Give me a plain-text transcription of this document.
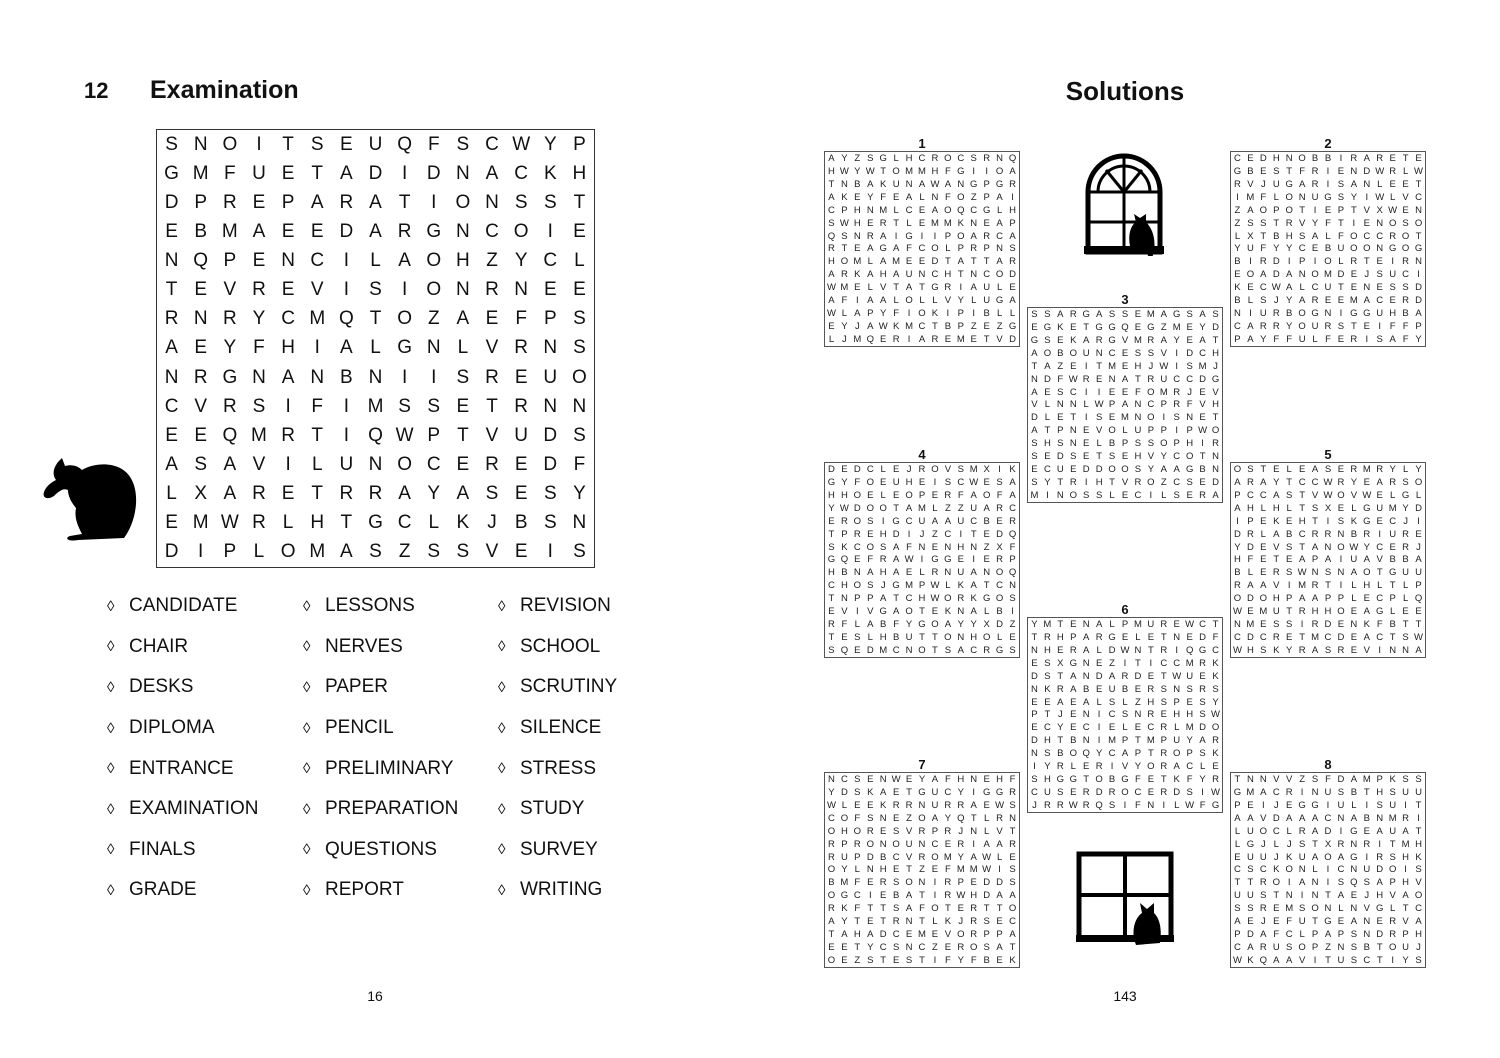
12 Examination
S N O	I	T S E U Q F S C W Y P
G M F U E T A D	I	D N A C K H
D P R E P A R A T	I	O N S S T
E B M A E E D A R G N C O	I	E
N Q P E N C	I	L A O H Z Y C L
T E V R E V	I	S	I	O N R N E E
R N R Y C M Q T O Z A E F P S
A E Y F H	I	A L G N L V R N S
N R G N A N B N	I	I	S R E U O
C V R S	I	F	I M S S E T R N N
E E Q M R T	I	Q W P T V U D S
A S A V	I	L U N O C E R E D F
L X A R E T R R A Y A S E S Y
E M W R L H T G C L K J B S N
D	I	P L O M A S Z S S V E	I	S
◊ CANDIDATE
◊ CHAIR
◊ DESKS
◊ DIPLOMA
◊ ENTRANCE
◊ EXAMINATION
◊ FINALS
◊ GRADE
◊ LESSONS
◊ NERVES
◊ PAPER
◊ PENCIL
◊ PRELIMINARY
◊ PREPARATION
◊ QUESTIONS
◊ REPORT
◊ REVISION
◊ SCHOOL
◊ SCRUTINY
◊ SILENCE
◊ STRESS
◊ STUDY
◊ SURVEY
◊ WRITING
16
Solutions
1
A Y Z S G L H C R O C S R N Q
H W Y W T O M M H F G I	I O A
T N B A K U N A W A N G P G R
A K E Y F E A L N F O Z P A I
C P H N M L C E A O Q C G L H
S W H E R T L E M M K N E A P
Q S N R A I G I	I P O A R C A
R T E A G A F C O L P R P N S
H O M L A M E E D T A T T A R
A R K A H A U N C H T N C O D
W M E L V T A T G R I A U L E
A F I A A L O L L V Y L U G A
W L A P Y F I O K I P I B L L
E Y J A W K M C T B P Z E Z G
L J M Q E R I A R E M E T V D
2
C E D H N O B B I R A R E T E
G B E S T F R I E N D W R L W
R V J U G A R I S A N L E E T
I M F L O N U G S Y I W L V C
Z A O P O T I E P T V X W E N
Z S S T R V Y F T I E N O S O
L X T B H S A L F O C C R O T
Y U F Y Y C E B U O O N G O G
B I R D I P I O L R T E I R N
E O A D A N O M D E J S U C I
K E C W A L C U T E N E S S D
B L S J Y A R E E M A C E R D
N I U R B O G N I G G U H B A
C A R R Y O U R S T E I F F P
P A Y F F U L F E R I S A F Y
3
S S A R G A S S E M A G S A S
E G K E T G G Q E G Z M E Y D
G S E K A R G V M R A Y E A T
A O B O U N C E S S V I D C H
T A Z E I T M E H J W I S M J
N D F W R E N A T R U C C D G
A E S C I	I E E F O M R J E V
V L N N L W P A N C P R F V H
D L E T I S E M N O I S N E T
A T P N E V O L U P P I P W O
S H S N E L B P S S O P H I R
S E D S E T S E H V Y C O T N
E C U E D D O O S Y A A G B N
S Y T R I H T V R O Z C S E D
M I N O S S L E C I L S E R A
4
D E D C L E J R O V S M X I K
G Y F O E U H E I S C W E S A
H H O E L E O P E R F A O F A
Y W D O O T A M L Z Z U A R C
E R O S I G C U A A U C B E R
T P R E H D I J Z C I T E D Q
S K C O S A F N E N H N Z X F
G Q E F R A W I G G E I E R P
H B N A H A E L R N U A N O Q
C H O S J G M P W L K A T C N
T N P P A T C H W O R K G O S
E V I V G A O T E K N A L B I
R F L A B F Y G O A Y Y X D Z
T E S L H B U T T O N H O L E
S Q E D M C N O T S A C R G S
5
O S T E L E A S E R M R Y L Y
A R A Y T C C W R Y E A R S O
P C C A S T V W O V W E L G L
A H L H L T S X E L G U M Y D
I P E K E H T I S K G E C J I
D R L A B C R R N B R I U R E
Y D E V S T A N O W Y C E R J
H F E T E A P A I U A V B B A
B L E R S W N S N A O T G U U
R A A V I M R T I L H L T L P
O D O H P A A P P L E C P L Q
W E M U T R H H O E A G L E E
N M E S S I R D E N K F B T T
C D C R E T M C D E A C T S W
W H S K Y R A S R E V I N N A
6
Y M T E N A L P M U R E W C T
T R H P A R G E L E T N E D F
N H E R A L D W N T R I Q G C
E S X G N E Z I T I C C M R K
D S T A N D A R D E T W U E K
N K R A B E U B E R S N S R S
E E A E A L S L Z H S P E S Y
P T J E N I C S N R E H H S W
E C Y E C I E L E C R L M D O
D H T B N I M P T M P U Y A R
N S B O Q Y C A P T R O P S K
I Y R L E R I V Y O R A C L E
S H G G T O B G F E T K F Y R
C U S E R D R O C E R D S I W
J R R W R Q S I F N I L W F G
7
N C S E N W E Y A F H N E H F
Y D S K A E T G U C Y I G G R
W L E E K R R N U R R A E W S
C O F S N E Z O A Y Q T L R N
O H O R E S V R P R J N L V T
R P R O N O U N C E R I A A R
R U P D B C V R O M Y A W L E
O Y L N H E T Z E F M M W I S
B M F E R S O N I R P E D D S
O G C I E B A T I R W H D A A
R K F T T S A F O T E R T T O
A Y T E T R N T L K J R S E C
T A H A D C E M E V O R P P A
E E T Y C S N C Z E R O S A T
O E Z S T E S T I F Y F B E K
8
T N N V V Z S F D A M P K S S
G M A C R I N U S B T H S U U
P E I J E G G I U L I S U I T
A A V D A A A C N A B N M R I
L U O C L R A D I G E A U A T
L G J L J S T X R N R I T M H
E U U J K U A O A G I R S H K
C S C K O N L I C N U D O I S
T T R O I A N I S Q S A P H V
U U S T N I N T A E J H V A O
S S R E M S O N L N V G L T C
A E J E F U T G E A N E R V A
P D A F C L P A P S N D R P H
C A R U S O P Z N S B T O U J
W K Q A A V I T U S C T I Y S
143
